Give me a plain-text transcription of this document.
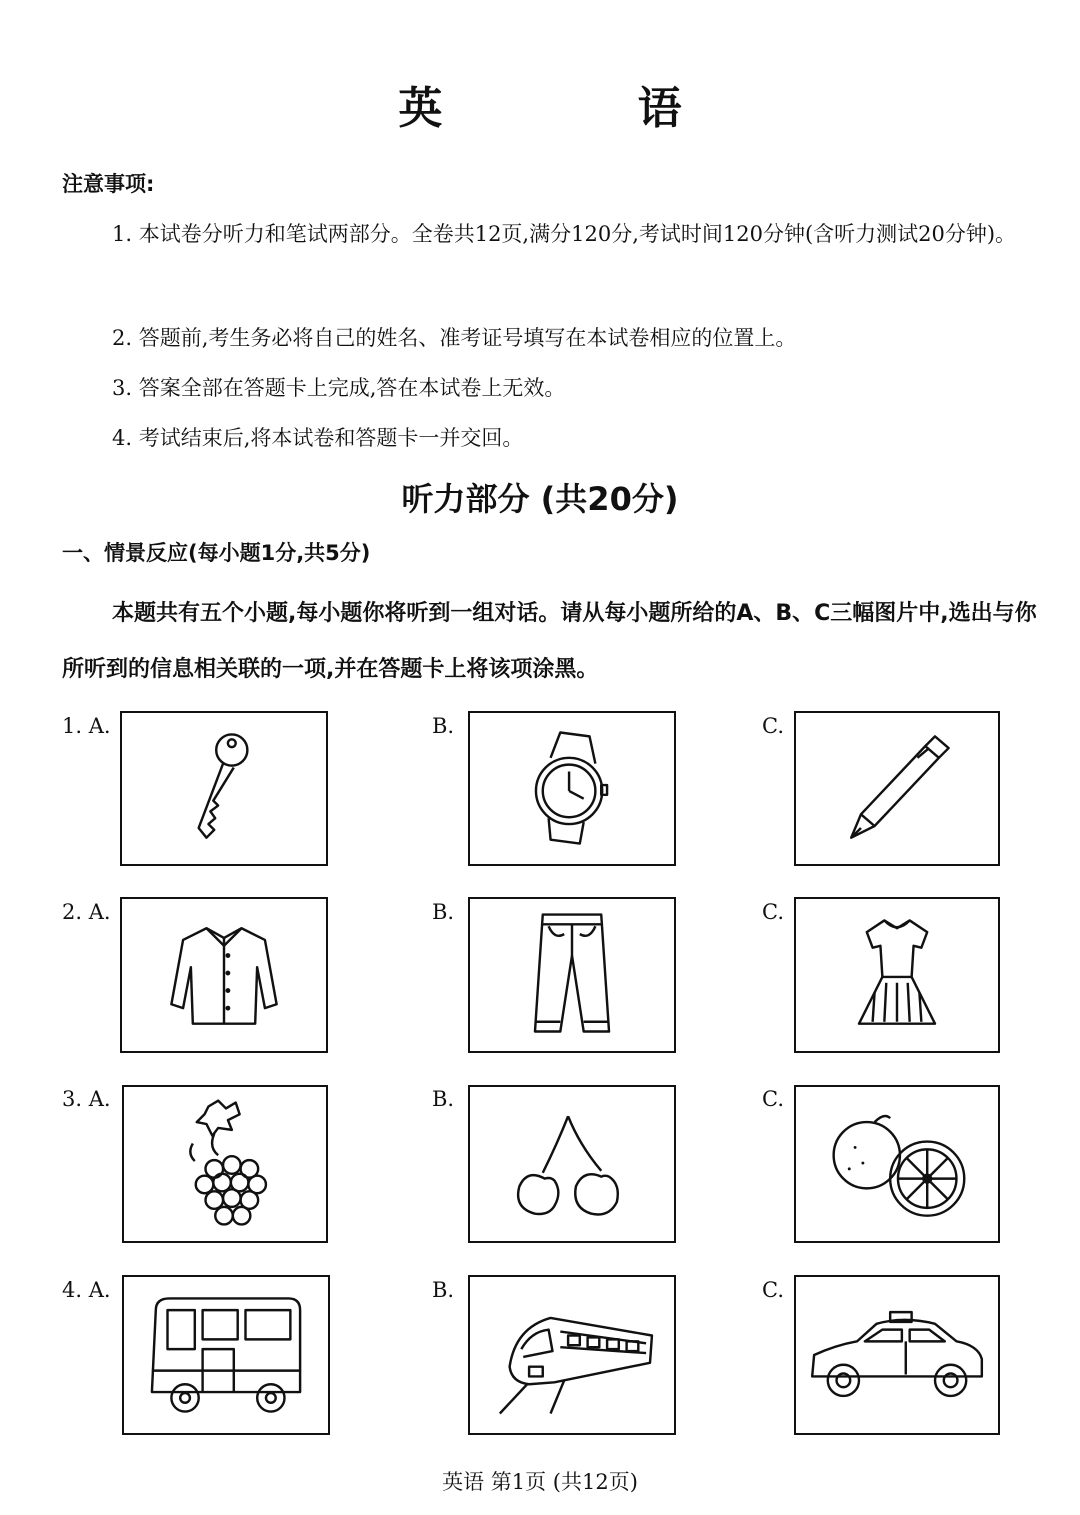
英 语
注意事项:
1. 本试卷分听力和笔试两部分。全卷共12页,满分120分,考试时间120分钟(含听力测试20分钟)。
2. 答题前,考生务必将自己的姓名、准考证号填写在本试卷相应的位置上。
3. 答案全部在答题卡上完成,答在本试卷上无效。
4. 考试结束后,将本试卷和答题卡一并交回。
听力部分 (共20分)
一、情景反应(每小题1分,共5分)
本题共有五个小题,每小题你将听到一组对话。请从每小题所给的A、B、C三幅图片中,选出与你所听到的信息相关联的一项,并在答题卡上将该项涂黑。
1. A.	B.	C.
2. A.	B.	C.
3. A.	B.	C.
4. A.	B.	C.
英语 第1页 (共12页)
